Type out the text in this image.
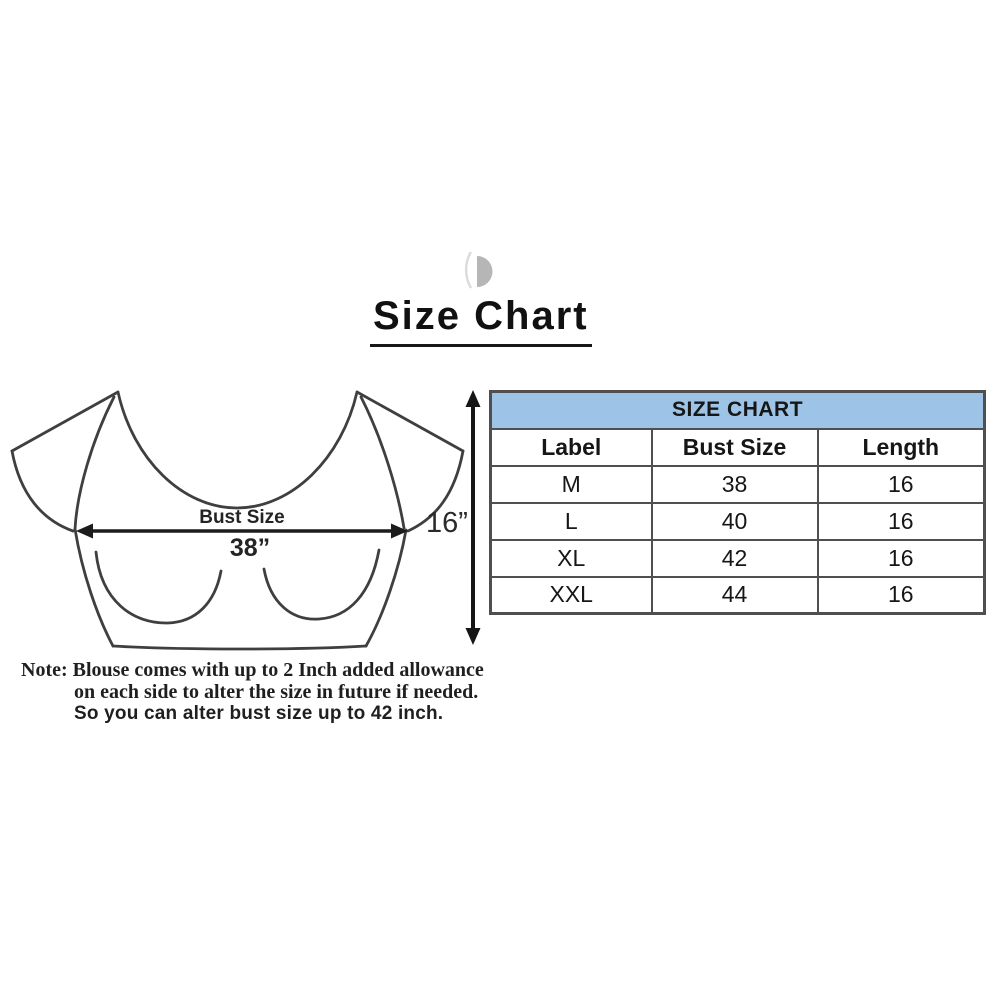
Size Chart
Bust Size
38”
16”
SIZE CHART		
Label	Bust Size	Length
M	38	16
L	40	16
XL	42	16
XXL	44	16
Note: Blouse comes with up to 2 Inch added allowance
on each side to alter the size in future if needed.
So you can alter bust size up to 42 inch.
